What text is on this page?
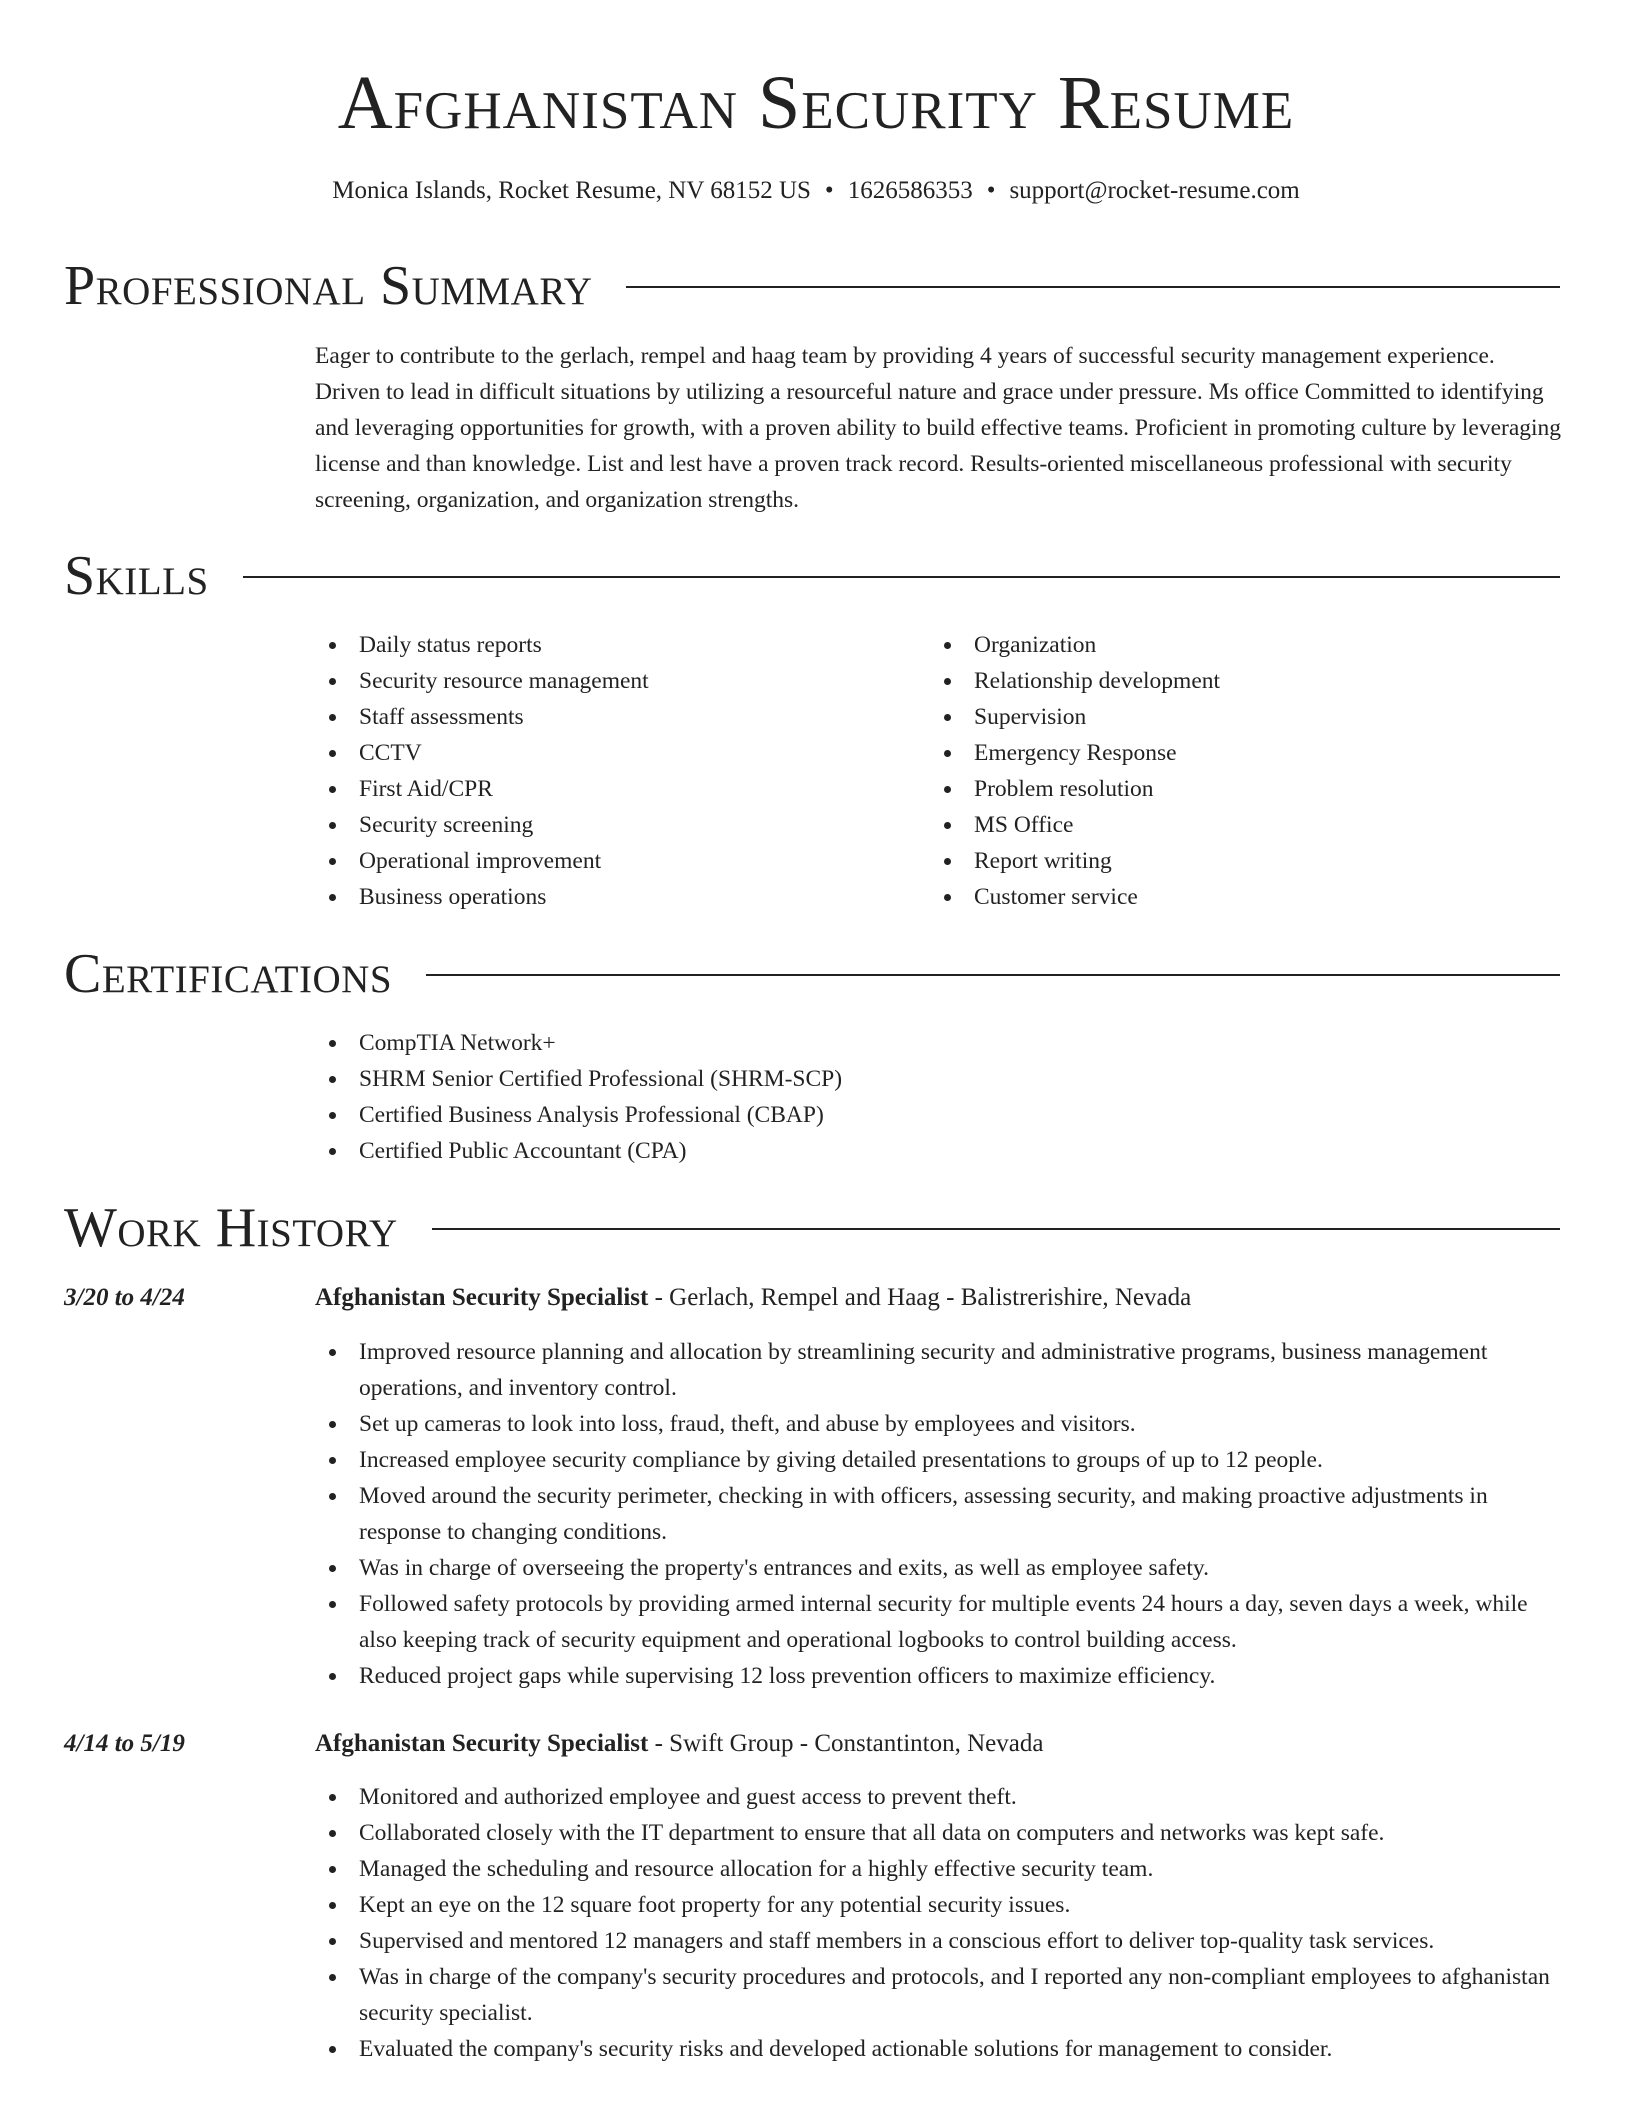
Afghanistan Security Resume
Monica Islands, Rocket Resume, NV 68152 US • 1626586353 • support@rocket-resume.com
Professional Summary

Eager to contribute to the gerlach, rempel and haag team by providing 4 years of successful security management experience. Driven to lead in difficult situations by utilizing a resourceful nature and grace under pressure. Ms office Committed to identifying and leveraging opportunities for growth, with a proven ability to build effective teams. Proficient in promoting culture by leveraging license and than knowledge. List and lest have a proven track record. Results-oriented miscellaneous professional with security screening, organization, and organization strengths.

Skills
Daily status reports
Security resource management
Staff assessments
CCTV
First Aid/CPR
Security screening
Operational improvement
Business operations
Organization
Relationship development
Supervision
Emergency Response
Problem resolution
MS Office
Report writing
Customer service
Certifications
CompTIA Network+
SHRM Senior Certified Professional (SHRM-SCP)
Certified Business Analysis Professional (CBAP)
Certified Public Accountant (CPA)
Work History
3/20 to 4/24	Afghanistan Security Specialist - Gerlach, Rempel and Haag - Balistrerishire, Nevada
Improved resource planning and allocation by streamlining security and administrative programs, business management operations, and inventory control.
Set up cameras to look into loss, fraud, theft, and abuse by employees and visitors.
Increased employee security compliance by giving detailed presentations to groups of up to 12 people.
Moved around the security perimeter, checking in with officers, assessing security, and making proactive adjustments in response to changing conditions.
Was in charge of overseeing the property's entrances and exits, as well as employee safety.
Followed safety protocols by providing armed internal security for multiple events 24 hours a day, seven days a week, while also keeping track of security equipment and operational logbooks to control building access.
Reduced project gaps while supervising 12 loss prevention officers to maximize efficiency.
4/14 to 5/19	Afghanistan Security Specialist - Swift Group - Constantinton, Nevada
Monitored and authorized employee and guest access to prevent theft.
Collaborated closely with the IT department to ensure that all data on computers and networks was kept safe.
Managed the scheduling and resource allocation for a highly effective security team.
Kept an eye on the 12 square foot property for any potential security issues.
Supervised and mentored 12 managers and staff members in a conscious effort to deliver top-quality task services.
Was in charge of the company's security procedures and protocols, and I reported any non-compliant employees to afghanistan security specialist.
Evaluated the company's security risks and developed actionable solutions for management to consider.
